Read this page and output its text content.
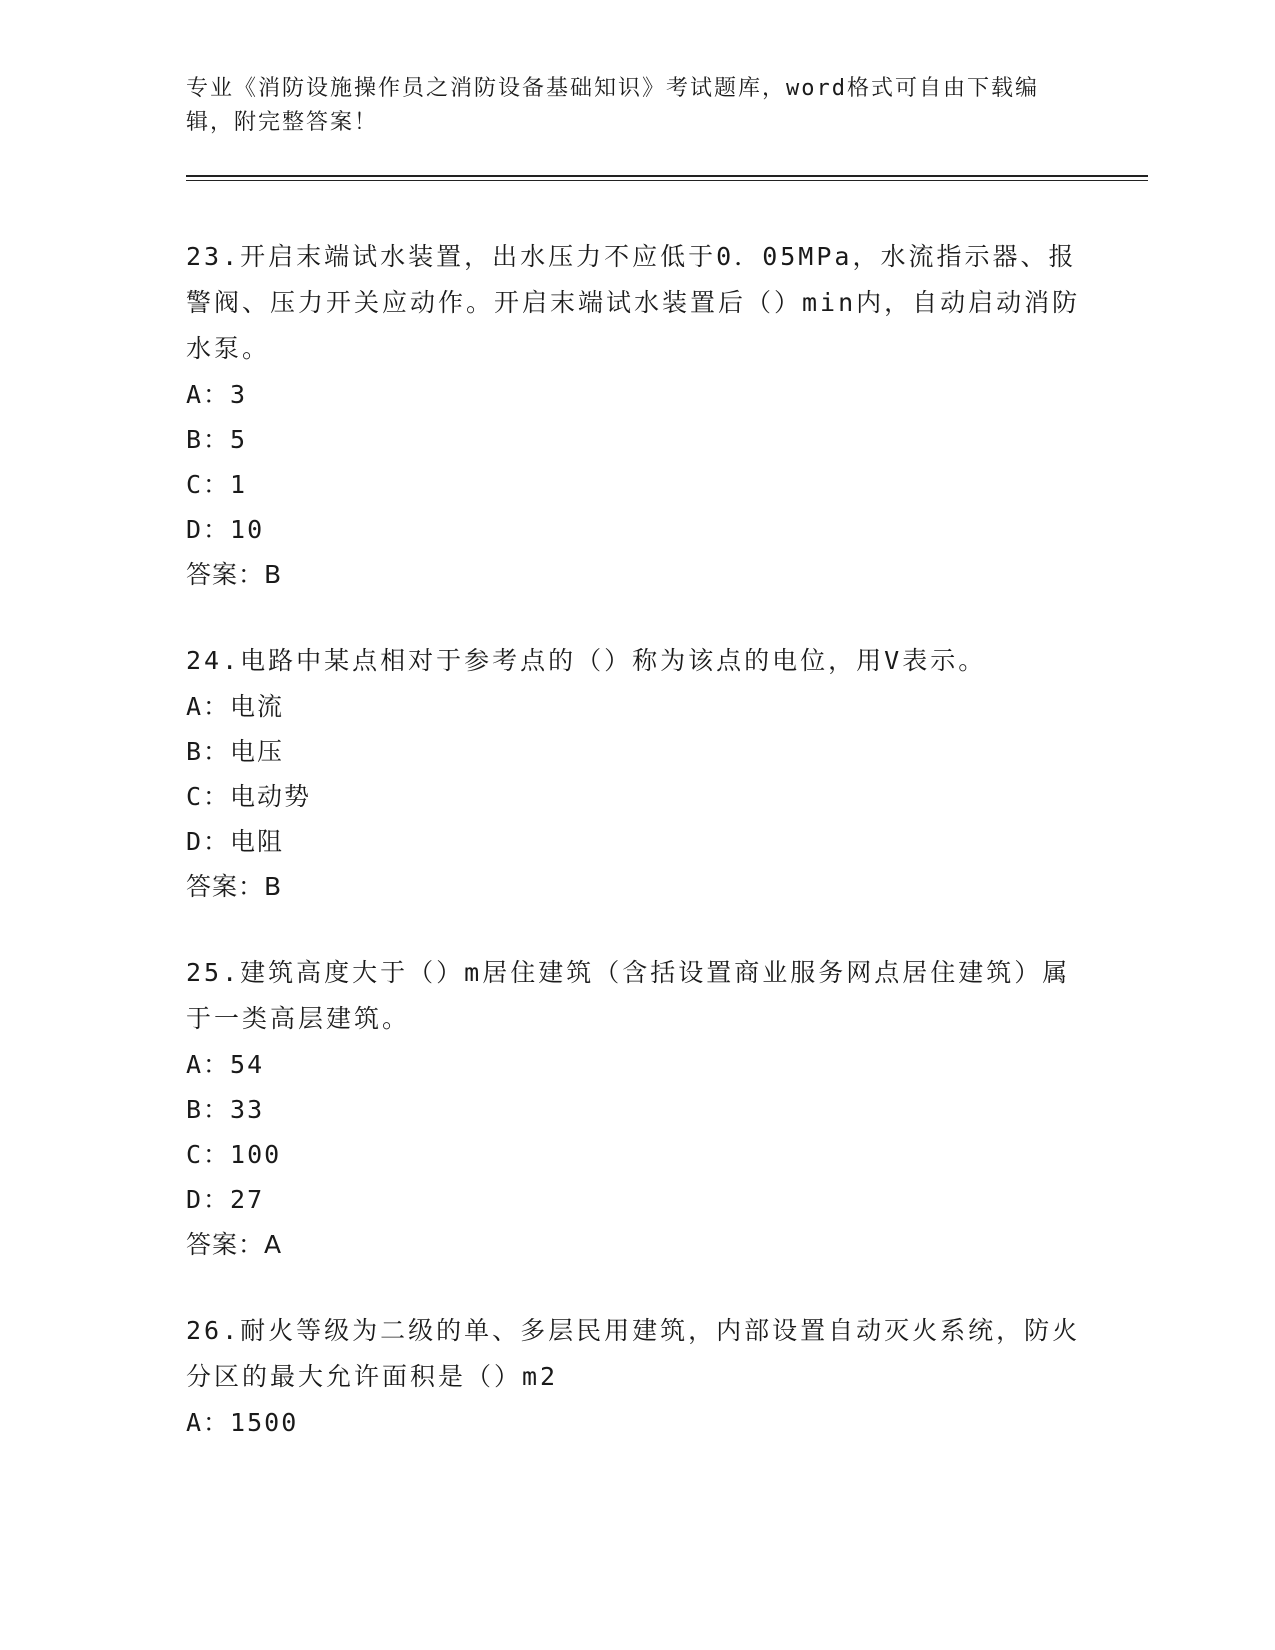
专业《消防设施操作员之消防设备基础知识》考试题库，word格式可自由下载编辑，附完整答案！

23.开启末端试水装置，出水压力不应低于0．05MPa，水流指示器、报警阀、压力开关应动作。开启末端试水装置后（）min内，自动启动消防水泵。

A：3

B：5

C：1

D：10

答案：B

24.电路中某点相对于参考点的（）称为该点的电位，用V表示。

A：电流

B：电压

C：电动势

D：电阻

答案：B

25.建筑高度大于（）m居住建筑（含括设置商业服务网点居住建筑）属于一类高层建筑。

A：54

B：33

C：100

D：27

答案：A

26.耐火等级为二级的单、多层民用建筑，内部设置自动灭火系统，防火分区的最大允许面积是（）m2

A：1500
